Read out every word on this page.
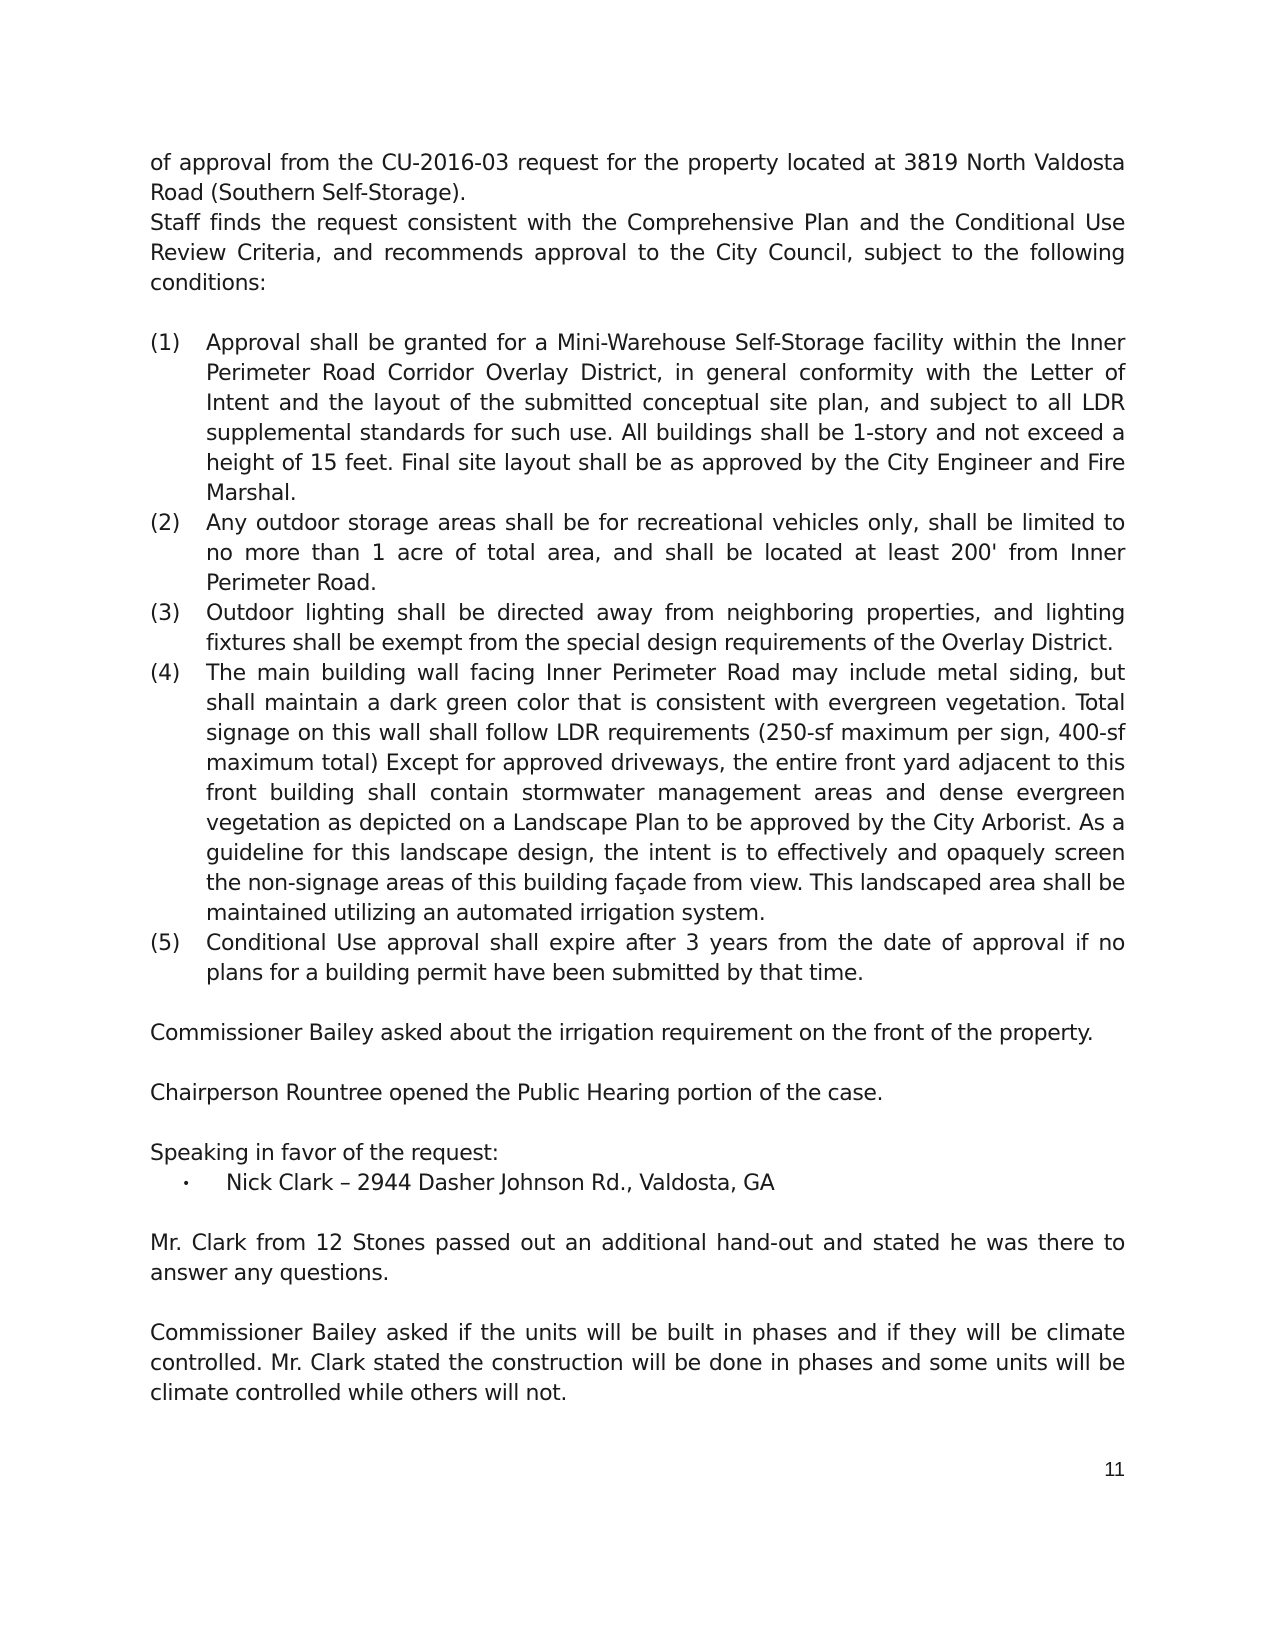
of approval from the CU-2016-03 request for the property located at 3819 North Valdosta Road (Southern Self-Storage).

Staff finds the request consistent with the Comprehensive Plan and the Conditional Use Review Criteria, and recommends approval to the City Council, subject to the following conditions:

(1) Approval shall be granted for a Mini-Warehouse Self-Storage facility within the Inner Perimeter Road Corridor Overlay District, in general conformity with the Letter of Intent and the layout of the submitted conceptual site plan, and subject to all LDR supplemental standards for such use. All buildings shall be 1-story and not exceed a height of 15 feet. Final site layout shall be as approved by the City Engineer and Fire Marshal.
(2) Any outdoor storage areas shall be for recreational vehicles only, shall be limited to no more than 1 acre of total area, and shall be located at least 200' from Inner Perimeter Road.
(3) Outdoor lighting shall be directed away from neighboring properties, and lighting fixtures shall be exempt from the special design requirements of the Overlay District.
(4) The main building wall facing Inner Perimeter Road may include metal siding, but shall maintain a dark green color that is consistent with evergreen vegetation. Total signage on this wall shall follow LDR requirements (250-sf maximum per sign, 400-sf maximum total) Except for approved driveways, the entire front yard adjacent to this front building shall contain stormwater management areas and dense evergreen vegetation as depicted on a Landscape Plan to be approved by the City Arborist. As a guideline for this landscape design, the intent is to effectively and opaquely screen the non-signage areas of this building façade from view. This landscaped area shall be maintained utilizing an automated irrigation system.
(5) Conditional Use approval shall expire after 3 years from the date of approval if no plans for a building permit have been submitted by that time.

Commissioner Bailey asked about the irrigation requirement on the front of the property.

Chairperson Rountree opened the Public Hearing portion of the case.

Speaking in favor of the request:

• Nick Clark – 2944 Dasher Johnson Rd., Valdosta, GA

Mr. Clark from 12 Stones passed out an additional hand-out and stated he was there to answer any questions.

Commissioner Bailey asked if the units will be built in phases and if they will be climate controlled. Mr. Clark stated the construction will be done in phases and some units will be climate controlled while others will not.

11
